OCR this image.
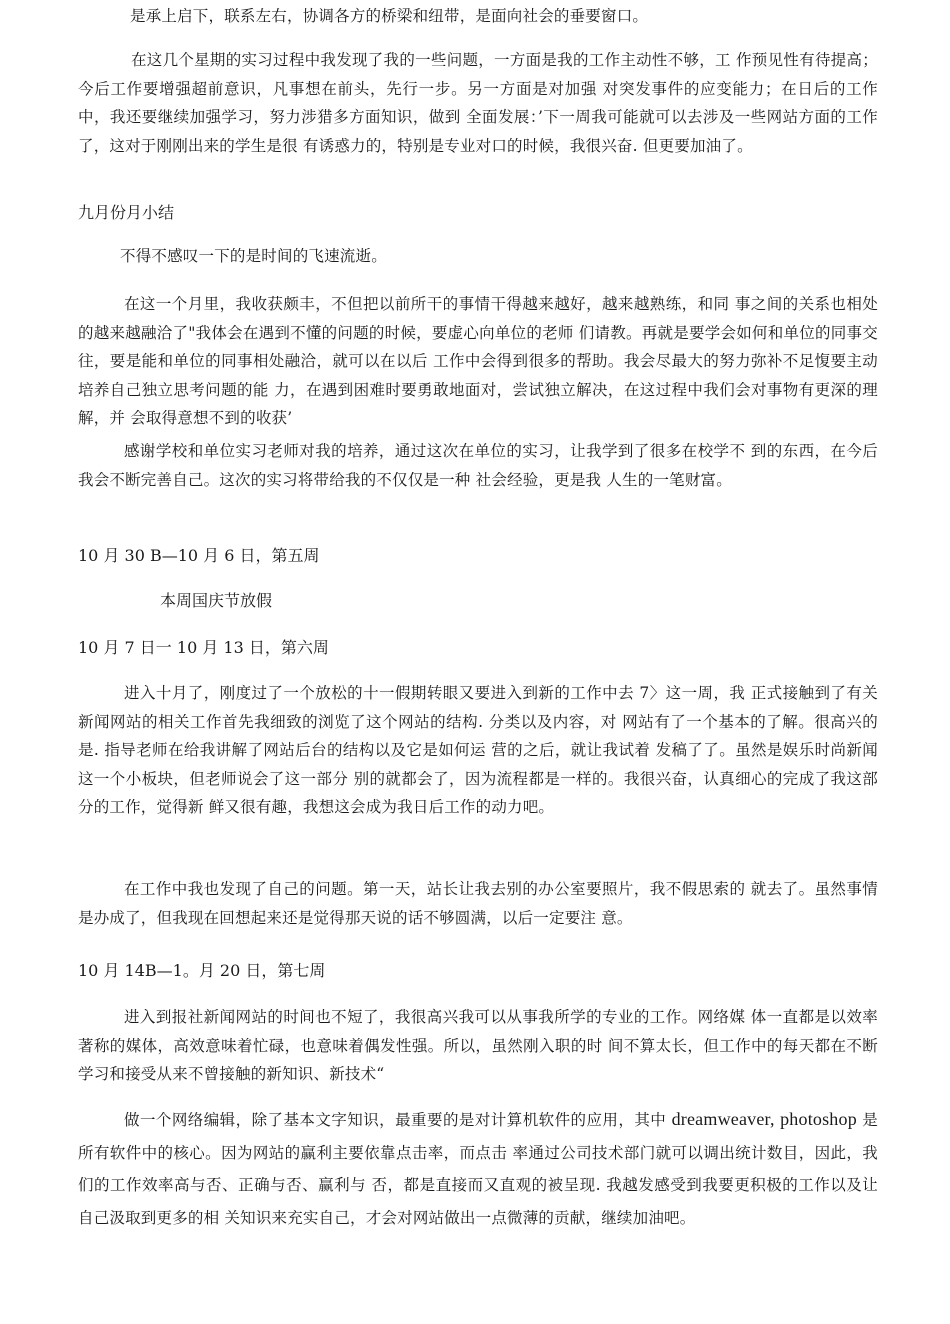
是承上启下，联系左右，协调各方的桥梁和纽带，是面向社会的垂要窗口。

在这几个星期的实习过程中我发现了我的一些问题，一方面是我的工作主动性不够，工 作预见性有待提高；今后工作要增强超前意识，凡事想在前头，先行一步。另一方面是对加强 对突发事件的应变能力；在日后的工作中，我还要继续加强学习，努力涉猎多方面知识，做到 全面发展：’下一周我可能就可以去涉及一些网站方面的工作了，这对于刚刚出来的学生是很 有诱惑力的，特别是专业对口的时候，我很兴奋. 但更要加油了。

九月份月小结

不得不感叹一下的是时间的飞速流逝。

在这一个月里，我收获颇丰，不但把以前所干的事情干得越来越好，越来越熟练，和同 事之间的关系也相处的越来越融洽了"我体会在遇到不懂的问题的时候，要虚心向单位的老师 们请教。再就是要学会如何和单位的同事交往，要是能和单位的同事相处融洽，就可以在以后 工作中会得到很多的帮助。我会尽最大的努力弥补不足愎要主动培养自己独立思考问题的能 力，在遇到困难时要勇敢地面对，尝试独立解决，在这过程中我们会对事物有更深的理解，并 会取得意想不到的收获’

感谢学校和单位实习老师对我的培养，通过这次在单位的实习，让我学到了很多在校学不 到的东西，在今后我会不断完善自己。这次的实习将带给我的不仅仅是一种 社会经验，更是我 人生的一笔财富。

10 月 30 B—10 月 6 日，第五周

本周国庆节放假

10 月 7 日一 10 月 13 日，第六周

进入十月了，刚度过了一个放松的十一假期转眼又要进入到新的工作中去 7〉这一周，我 正式接触到了有关新闻网站的相关工作首先我细致的浏览了这个网站的结构. 分类以及内容，对 网站有了一个基本的了解。很高兴的是. 指导老师在给我讲解了网站后台的结构以及它是如何运 营的之后，就让我试着 发稿了了。虽然是娱乐时尚新闻这一个小板块，但老师说会了这一部分 别的就都会了，因为流程都是一样的。我很兴奋，认真细心的完成了我这部分的工作，觉得新 鲜又很有趣，我想这会成为我日后工作的动力吧。

在工作中我也发现了自己的问题。第一天，站长让我去别的办公室要照片，我不假思索的 就去了。虽然事情是办成了，但我现在回想起来还是觉得那天说的话不够圆满，以后一定要注 意。

10 月 14B—1。月 20 日，第七周

进入到报社新闻网站的时间也不短了，我很高兴我可以从事我所学的专业的工作。网络媒 体一直都是以效率著称的媒体，高效意味着忙碌，也意味着偶发性强。所以，虽然刚入职的时 间不算太长，但工作中的每天都在不断学习和接受从来不曾接触的新知识、新技术“

做一个网络编辑，除了基本文字知识，最重要的是对计算机软件的应用，其中 dreamweaver, photoshop 是所有软件中的核心。因为网站的赢利主要依靠点击率，而点击 率通过公司技术部门就可以调出统计数目，因此，我们的工作效率高与否、正确与否、赢利与 否，都是直接而又直观的被呈现. 我越发感受到我要更积极的工作以及让自己汲取到更多的相 关知识来充实自己，才会对网站做出一点微薄的贡献，继续加油吧。
